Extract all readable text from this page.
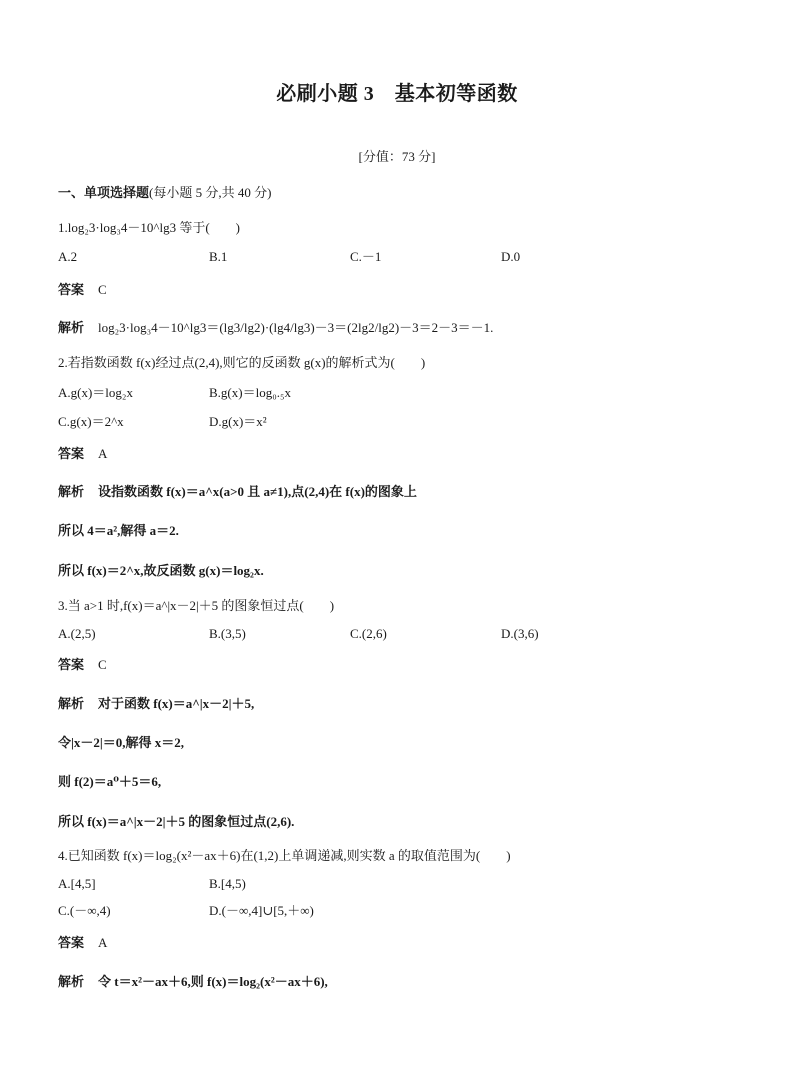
必刷小题 3　基本初等函数
[分值：73 分]
一、单项选择题(每小题 5 分,共 40 分)
1.log₂3·log₃4－10^lg3 等于(　　)
A.2	B.1	C.－1	D.0
答案 C
解析 log₂3·log₃4－10^lg3＝(lg3/lg2)·(lg4/lg3)－3＝(2lg2/lg2)－3＝2－3＝－1.
2.若指数函数 f(x)经过点(2,4),则它的反函数 g(x)的解析式为(　　)
A.g(x)＝log₂x	B.g(x)＝log₀.₅x
C.g(x)＝2^x	D.g(x)＝x²
答案 A
解析 设指数函数 f(x)＝a^x(a>0 且 a≠1),点(2,4)在 f(x)的图象上
所以 4＝a²,解得 a＝2.
所以 f(x)＝2^x,故反函数 g(x)＝log₂x.
3.当 a>1 时,f(x)＝a^|x－2|＋5 的图象恒过点(　　)
A.(2,5)	B.(3,5)	C.(2,6)	D.(3,6)
答案 C
解析 对于函数 f(x)＝a^|x－2|＋5,
令|x－2|＝0,解得 x＝2,
则 f(2)＝a⁰＋5＝6,
所以 f(x)＝a^|x－2|＋5 的图象恒过点(2,6).
4.已知函数 f(x)＝log₂(x²－ax＋6)在(1,2)上单调递减,则实数 a 的取值范围为(　　)
A.[4,5]	B.[4,5)
C.(－∞,4)	D.(－∞,4]∪[5,＋∞)
答案 A
解析 令 t＝x²－ax＋6,则 f(x)＝log₂(x²－ax＋6),
